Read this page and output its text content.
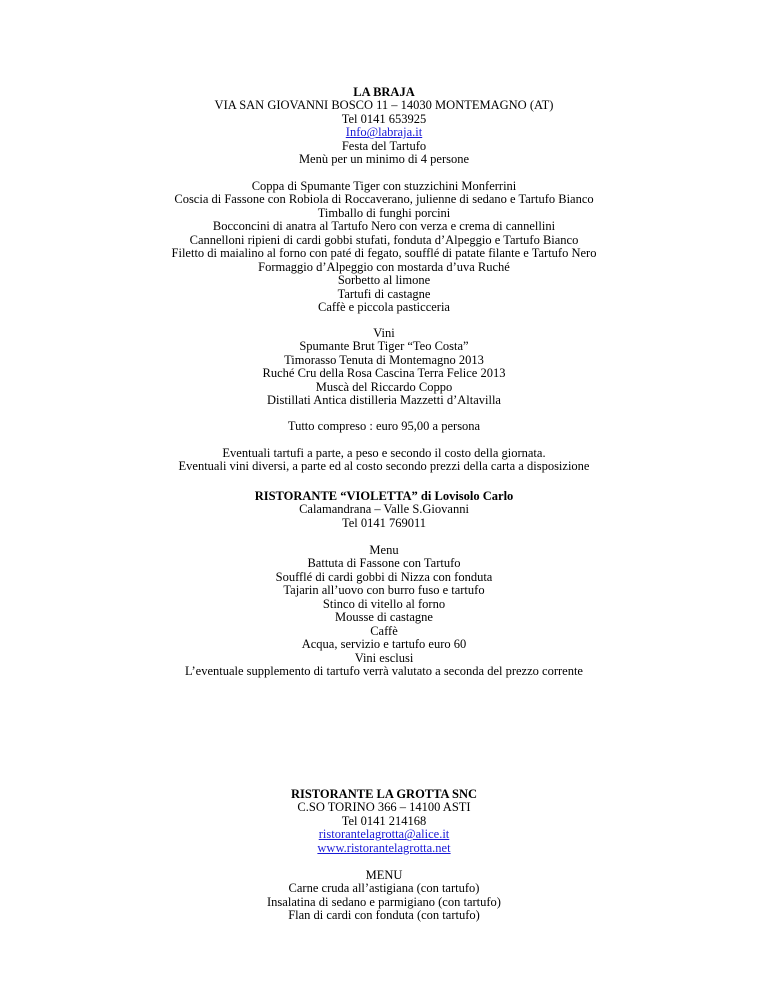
LA BRAJA
VIA SAN GIOVANNI BOSCO 11 – 14030 MONTEMAGNO (AT)
Tel 0141 653925
Info@labraja.it
Festa del Tartufo
Menù per un minimo di 4 persone
Coppa di Spumante Tiger con stuzzichini Monferrini
Coscia di Fassone con Robiola di Roccaverano, julienne di sedano e Tartufo Bianco
Timballo di funghi porcini
Bocconcini di anatra al Tartufo Nero con verza e crema di cannellini
Cannelloni ripieni di cardi gobbi stufati, fonduta d’Alpeggio e Tartufo Bianco
Filetto di maialino al forno con paté di fegato, soufflé di patate filante e Tartufo Nero
Formaggio d’Alpeggio con mostarda d’uva Ruché
Sorbetto al limone
Tartufi di castagne
Caffè e piccola pasticceria
Vini
Spumante Brut Tiger “Teo Costa”
Timorasso Tenuta di Montemagno 2013
Ruché Cru della Rosa Cascina Terra Felice 2013
Muscà del Riccardo Coppo
Distillati Antica distilleria Mazzetti d’Altavilla
Tutto compreso : euro 95,00 a persona
Eventuali tartufi a parte, a peso e secondo il costo della giornata.
Eventuali vini diversi, a parte ed al costo secondo prezzi della carta a disposizione
RISTORANTE “VIOLETTA” di Lovisolo Carlo
Calamandrana – Valle S.Giovanni
Tel 0141 769011
Menu
Battuta di Fassone con Tartufo
Soufflé di cardi gobbi di Nizza con fonduta
Tajarin all’uovo con burro fuso e tartufo
Stinco di vitello al forno
Mousse di castagne
Caffè
Acqua, servizio e tartufo euro 60
Vini esclusi
L’eventuale supplemento di tartufo verrà valutato a seconda del prezzo corrente
RISTORANTE LA GROTTA SNC
C.SO TORINO 366 – 14100 ASTI
Tel 0141 214168
ristorantelagrotta@alice.it
www.ristorantelagrotta.net
MENU
Carne cruda all’astigiana (con tartufo)
Insalatina di sedano e parmigiano (con tartufo)
Flan di cardi con fonduta (con tartufo)
